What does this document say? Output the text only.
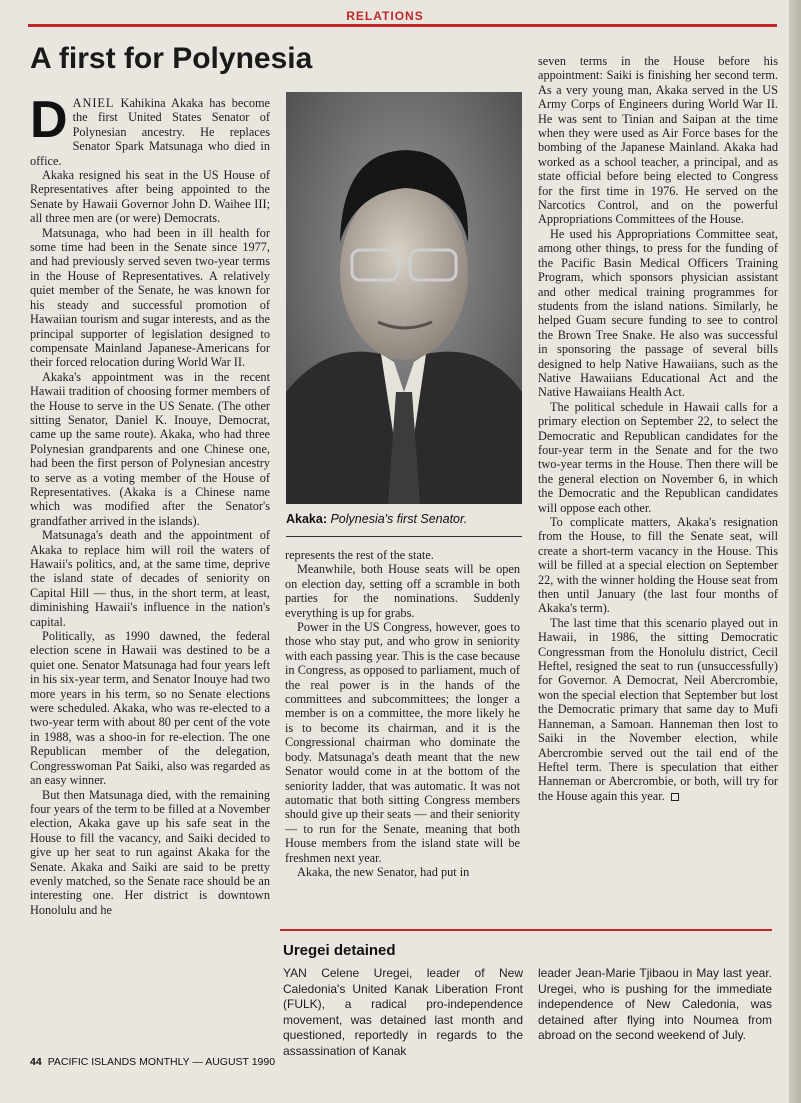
RELATIONS
A first for Polynesia

DANIEL Kahikina Akaka has become the first United States Senator of Polynesian ancestry. He replaces Senator Spark Matsunaga who died in office.

Akaka resigned his seat in the US House of Representatives after being appointed to the Senate by Hawaii Governor John D. Waihee III; all three men are (or were) Democrats.

Matsunaga, who had been in ill health for some time had been in the Senate since 1977, and had previously served seven two-year terms in the House of Representatives. A relatively quiet member of the Senate, he was known for his steady and successful promotion of Hawaiian tourism and sugar interests, and as the principal supporter of legislation designed to compensate Mainland Japanese-Americans for their forced relocation during World War II.

Akaka's appointment was in the recent Hawaii tradition of choosing former members of the House to serve in the US Senate. (The other sitting Senator, Daniel K. Inouye, Democrat, came up the same route). Akaka, who had three Polynesian grandparents and one Chinese one, had been the first person of Polynesian ancestry to serve as a voting member of the House of Representatives. (Akaka is a Chinese name which was modified after the Senator's grandfather arrived in the islands).

Matsunaga's death and the appointment of Akaka to replace him will roil the waters of Hawaii's politics, and, at the same time, deprive the island state of decades of seniority on Capital Hill — thus, in the short term, at least, diminishing Hawaii's influence in the nation's capital.

Politically, as 1990 dawned, the federal election scene in Hawaii was destined to be a quiet one. Senator Matsunaga had four years left in his six-year term, and Senator Inouye had two more years in his term, so no Senate elections were scheduled. Akaka, who was re-elected to a two-year term with about 80 per cent of the vote in 1988, was a shoo-in for re-election. The one Republican member of the delegation, Congresswoman Pat Saiki, also was regarded as an easy winner.

But then Matsunaga died, with the remaining four years of the term to be filled at a November election, Akaka gave up his safe seat in the House to fill the vacancy, and Saiki decided to give up her seat to run against Akaka for the Senate. Akaka and Saiki are said to be pretty evenly matched, so the Senate race should be an interesting one. Her district is downtown Honolulu and he

Akaka: Polynesia's first Senator.

represents the rest of the state.

Meanwhile, both House seats will be open on election day, setting off a scramble in both parties for the nominations. Suddenly everything is up for grabs.

Power in the US Congress, however, goes to those who stay put, and who grow in seniority with each passing year. This is the case because in Congress, as opposed to parliament, much of the real power is in the hands of the committees and subcommittees; the longer a member is on a committee, the more likely he is to become its chairman, and it is the Congressional chairman who dominate the body. Matsunaga's death meant that the new Senator would come in at the bottom of the seniority ladder, that was automatic. It was not automatic that both sitting Congress members should give up their seats — and their seniority — to run for the Senate, meaning that both House members from the island state will be freshmen next year.

Akaka, the new Senator, had put in

seven terms in the House before his appointment: Saiki is finishing her second term. As a very young man, Akaka served in the US Army Corps of Engineers during World War II. He was sent to Tinian and Saipan at the time when they were used as Air Force bases for the bombing of the Japanese Mainland. Akaka had worked as a school teacher, a principal, and as state official before being elected to Congress for the first time in 1976. He served on the Narcotics Control, and on the powerful Appropriations Committees of the House.

He used his Appropriations Committee seat, among other things, to press for the funding of the Pacific Basin Medical Officers Training Program, which sponsors physician assistant and other medical training programmes for students from the island nations. Similarly, he helped Guam secure funding to see to control the Brown Tree Snake. He also was successful in sponsoring the passage of several bills designed to help Native Hawaiians, such as the Native Hawaiians Educational Act and the Native Hawaiians Health Act.

The political schedule in Hawaii calls for a primary election on September 22, to select the Democratic and Republican candidates for the four-year term in the Senate and for the two two-year terms in the House. Then there will be the general election on November 6, in which the Democratic and the Republican candidates will oppose each other.

To complicate matters, Akaka's resignation from the House, to fill the Senate seat, will create a short-term vacancy in the House. This will be filled at a special election on September 22, with the winner holding the House seat from then until January (the last four months of Akaka's term).

The last time that this scenario played out in Hawaii, in 1986, the sitting Democratic Congressman from the Honolulu district, Cecil Heftel, resigned the seat to run (unsuccessfully) for Governor. A Democrat, Neil Abercrombie, won the special election that September but lost the Democratic primary that same day to Mufi Hanneman, a Samoan. Hanneman then lost to Saiki in the November election, while Abercrombie served out the tail end of the Heftel term. There is speculation that either Hanneman or Abercrombie, or both, will try for the House again this year.

Uregei detained
YAN Celene Uregei, leader of New Caledonia's United Kanak Liberation Front (FULK), a radical pro-independence movement, was detained last month and questioned, reportedly in regards to the assassination of Kanak
leader Jean-Marie Tjibaou in May last year. Uregei, who is pushing for the immediate independence of New Caledonia, was detained after flying into Noumea from abroad on the second weekend of July.
44 PACIFIC ISLANDS MONTHLY — AUGUST 1990
